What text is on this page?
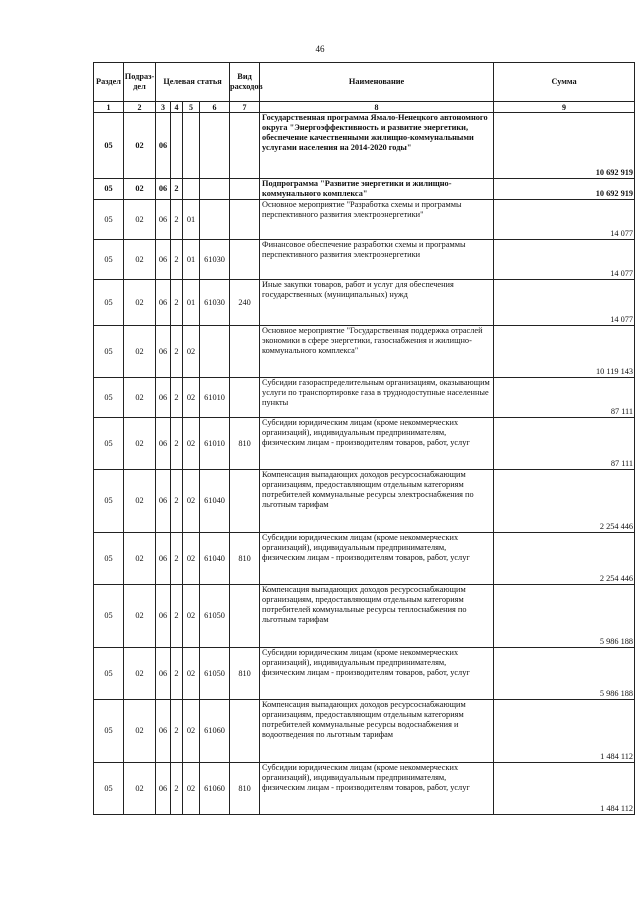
46
Раздел	Подраз-дел	Целевая статья				Вид расходов	Наименование	Сумма
1	2	3	4	5	6	7	8	9
05	02	06					Государственная программа Ямало-Ненецкого автономного округа "Энергоэффективность и развитие энергетики, обеспечение качественными жилищно-коммунальными услугами населения на 2014-2020 годы"	10 692 919
05	02	06	2				Подпрограмма "Развитие энергетики и жилищно-коммунального комплекса"	10 692 919
05	02	06	2	01			Основное мероприятие "Разработка схемы и программы перспективного развития электроэнергетики"	14 077
05	02	06	2	01	61030		Финансовое обеспечение разработки схемы и программы перспективного развития электроэнергетики	14 077
05	02	06	2	01	61030	240	Иные закупки товаров, работ и услуг для обеспечения государственных (муниципальных) нужд	14 077
05	02	06	2	02			Основное мероприятие "Государственная поддержка отраслей экономики в сфере энергетики, газоснабжения и жилищно-коммунального комплекса"	10 119 143
05	02	06	2	02	61010		Субсидии газораспределительным организациям, оказывающим услуги по транспортировке газа в труднодоступные населенные пункты	87 111
05	02	06	2	02	61010	810	Субсидии юридическим лицам (кроме некоммерческих организаций), индивидуальным предпринимателям, физическим лицам - производителям товаров, работ, услуг	87 111
05	02	06	2	02	61040		Компенсация выпадающих доходов ресурсоснабжающим организациям, предоставляющим отдельным категориям потребителей коммунальные ресурсы электроснабжения по льготным тарифам	2 254 446
05	02	06	2	02	61040	810	Субсидии юридическим лицам (кроме некоммерческих организаций), индивидуальным предпринимателям, физическим лицам - производителям товаров, работ, услуг	2 254 446
05	02	06	2	02	61050		Компенсация выпадающих доходов ресурсоснабжающим организациям, предоставляющим отдельным категориям потребителей коммунальные ресурсы теплоснабжения по льготным тарифам	5 986 188
05	02	06	2	02	61050	810	Субсидии юридическим лицам (кроме некоммерческих организаций), индивидуальным предпринимателям, физическим лицам - производителям товаров, работ, услуг	5 986 188
05	02	06	2	02	61060		Компенсация выпадающих доходов ресурсоснабжающим организациям, предоставляющим отдельным категориям потребителей коммунальные ресурсы водоснабжения и водоотведения по льготным тарифам	1 484 112
05	02	06	2	02	61060	810	Субсидии юридическим лицам (кроме некоммерческих организаций), индивидуальным предпринимателям, физическим лицам - производителям товаров, работ, услуг	1 484 112
